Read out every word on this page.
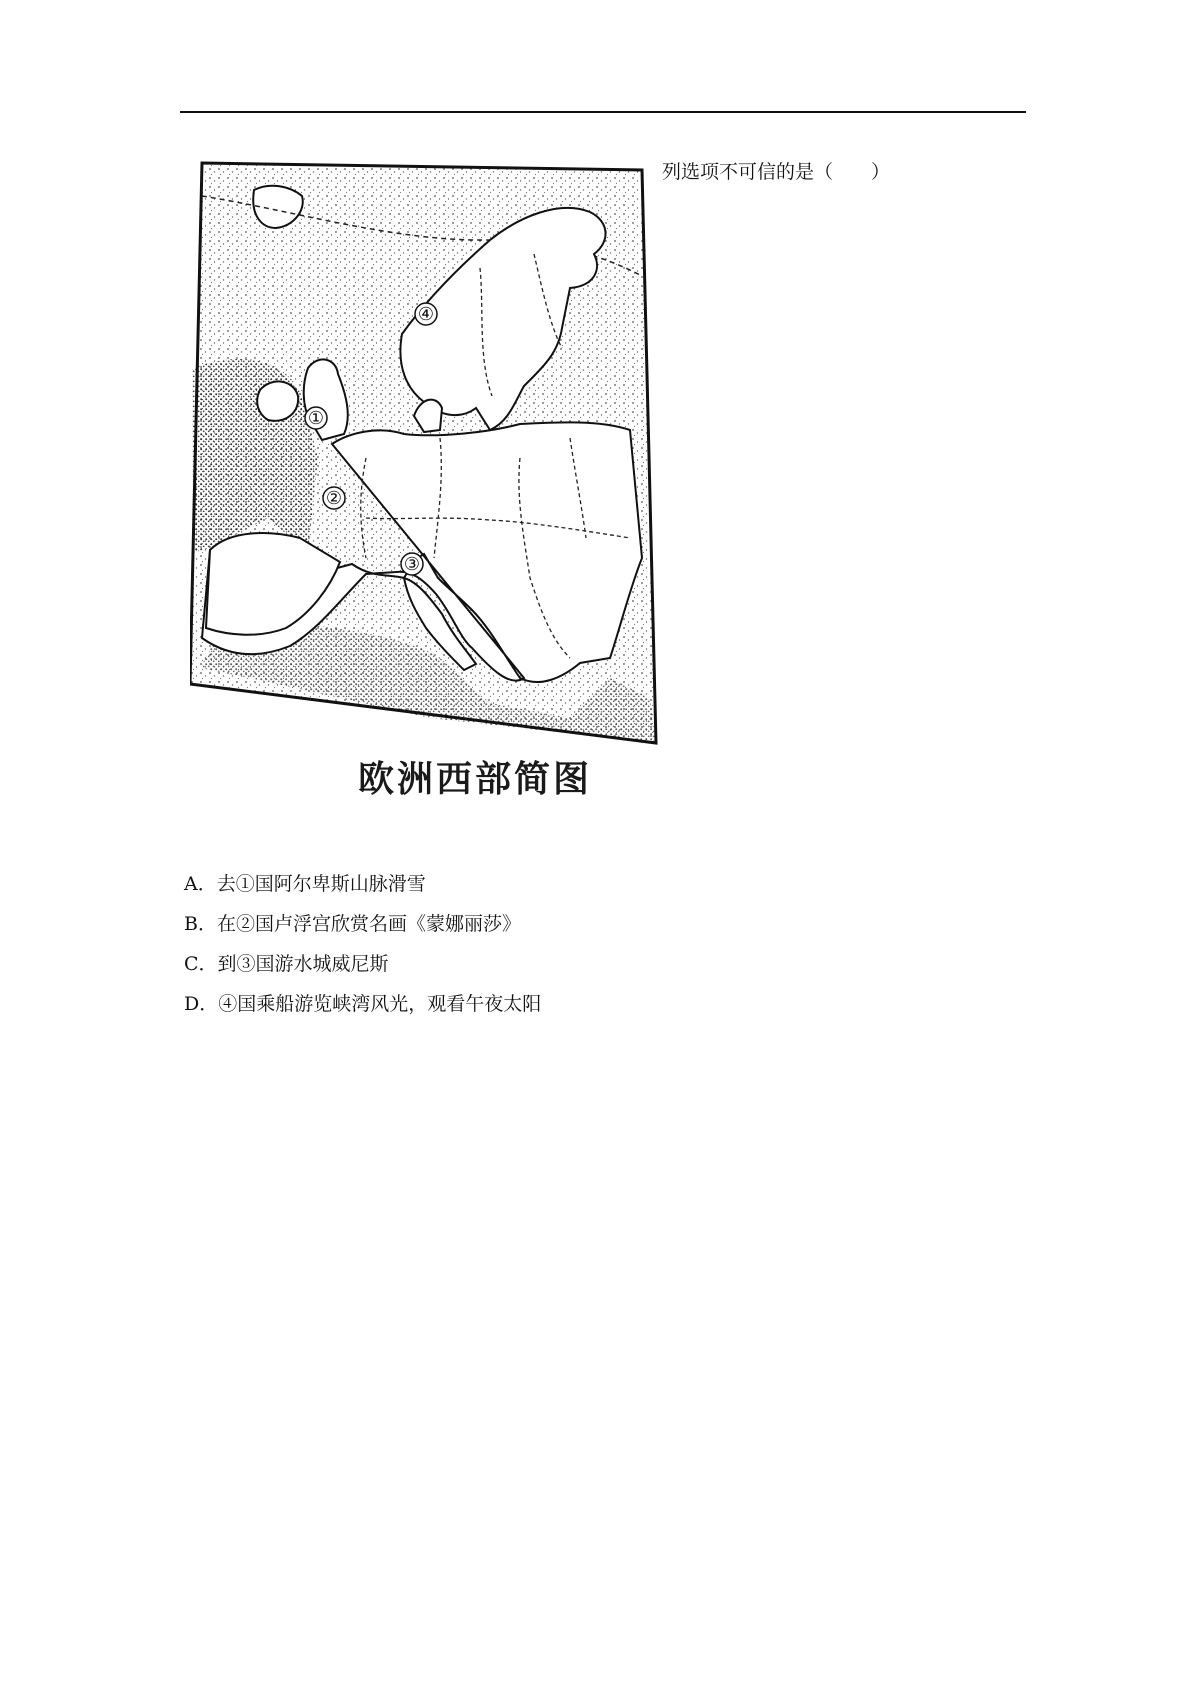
列选项不可信的是（　　）
①
②
③
④
欧洲西部简图
A．去①国阿尔卑斯山脉滑雪
B．在②国卢浮宫欣赏名画《蒙娜丽莎》
C．到③国游水城威尼斯
D．④国乘船游览峡湾风光，观看午夜太阳
